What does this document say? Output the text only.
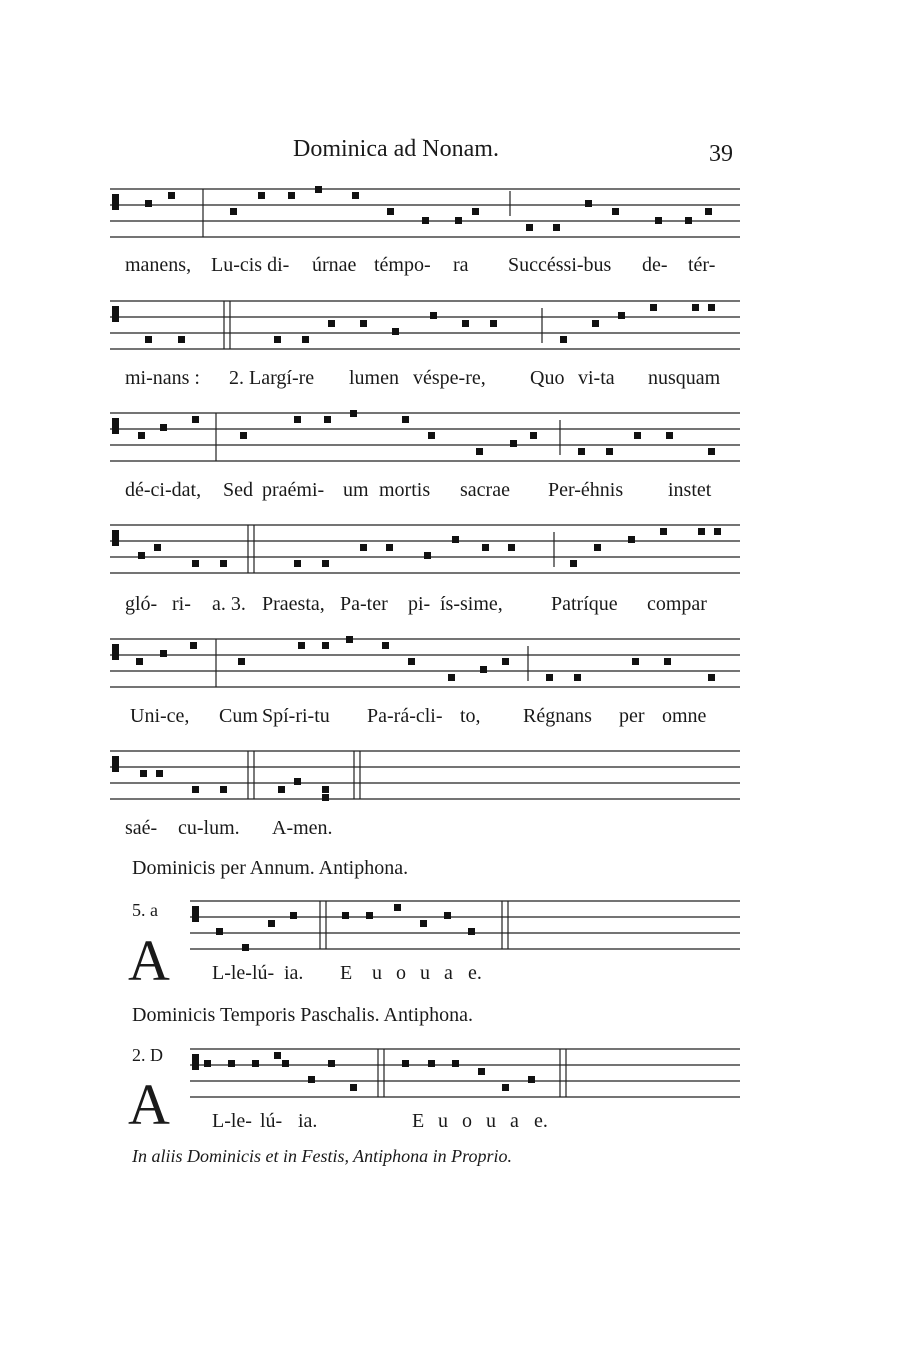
Dominica ad Nonam.	39
manens, Lu-cis di- úrnae témpo- ra Succéssi-bus de- tér-
mi-nans : 2. Largí-re lumen véspe-re, Quo vi-ta nusquam
dé-ci-dat, Sed praémi- um mortis sacrae Per-éhnis instet
gló- ri- a. 3. Praesta, Pa-ter pi- ís-sime, Patríque compar
Uni-ce, Cum Spí-ri-tu Pa-rá-cli- to, Régnans per omne
saé- cu-lum. A-men.
Dominicis per Annum. Antiphona.
5. a
A L-le-lú- ia. E u o u a e.
Dominicis Temporis Paschalis. Antiphona.
2. D
A L-le- lú- ia.	E u o u a e.
In aliis Dominicis et in Festis, Antiphona in Proprio.
